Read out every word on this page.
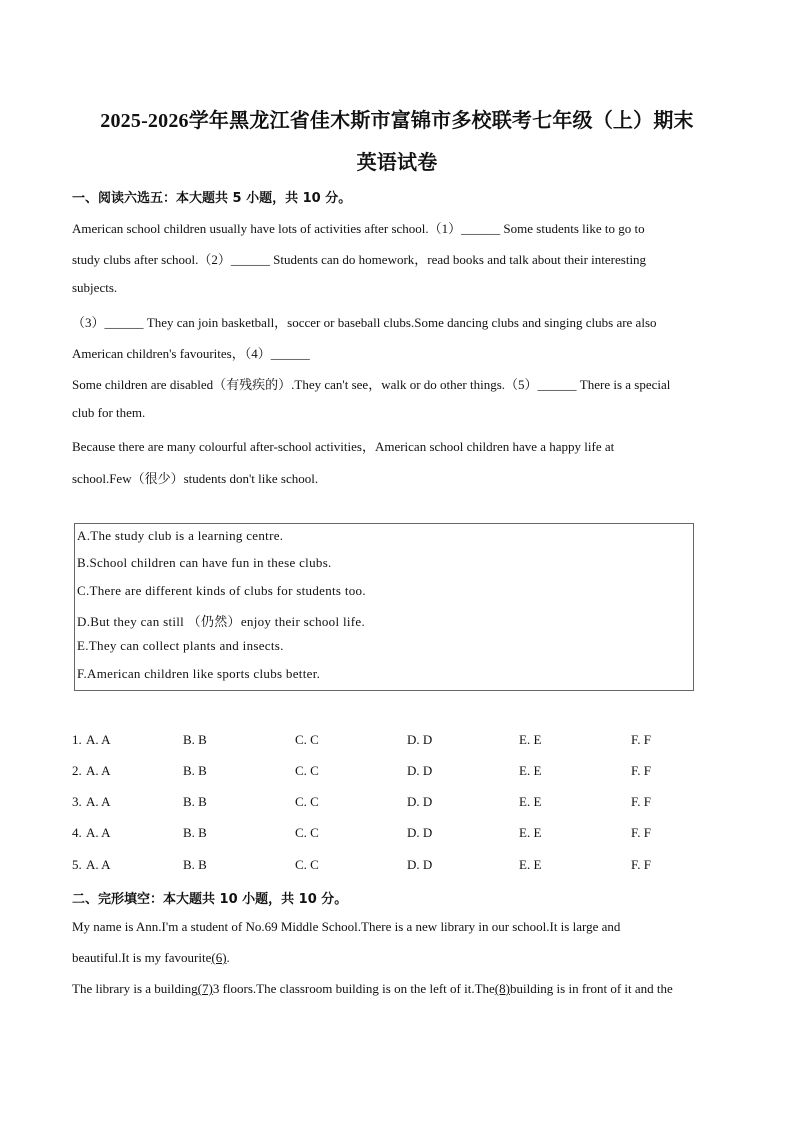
2025-2026学年黑龙江省佳木斯市富锦市多校联考七年级（上）期末
英语试卷
一、阅读六选五：本大题共 5 小题，共 10 分。
American school children usually have lots of activities after school.（1）______ Some students like to go to
study clubs after school.（2）______ Students can do homework，read books and talk about their interesting
subjects.
（3）______ They can join basketball，soccer or baseball clubs.Some dancing clubs and singing clubs are also
American children's favourites，（4）______
Some children are disabled（有残疾的）.They can't see，walk or do other things.（5）______ There is a special
club for them.
Because there are many colourful after-school activities，American school children have a happy life at
school.Few（很少）students don't like school.
A.The study club is a learning centre.
B.School children can have fun in these clubs.
C.There are different kinds of clubs for students too.
D.But they can still （仍然）enjoy their school life.
E.They can collect plants and insects.
F.American children like sports clubs better.
1. A. A	B. B	C. C	D. D	E. E	F. F
2. A. A	B. B	C. C	D. D	E. E	F. F
3. A. A	B. B	C. C	D. D	E. E	F. F
4. A. A	B. B	C. C	D. D	E. E	F. F
5. A. A	B. B	C. C	D. D	E. E	F. F
二、完形填空：本大题共 10 小题，共 10 分。
My name is Ann.I'm a student of No.69 Middle School.There is a new library in our school.It is large and
beautiful.It is my favourite(6).
The library is a building(7)3 floors.The classroom building is on the left of it.The(8)building is in front of it and the
